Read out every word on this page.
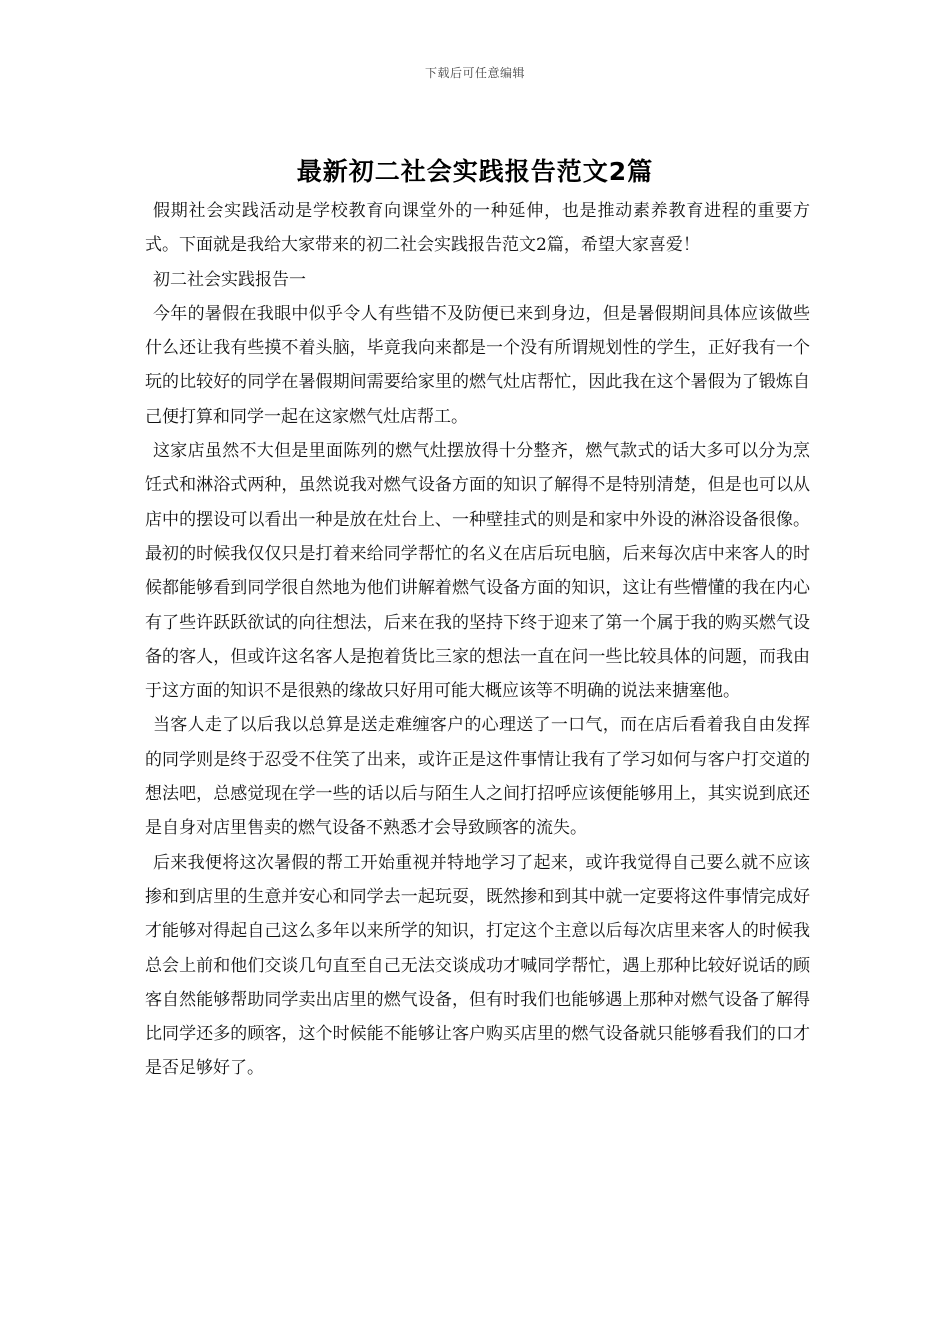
下载后可任意编辑
最新初二社会实践报告范文2篇

假期社会实践活动是学校教育向课堂外的一种延伸，也是推动素养教育进程的重要方式。下面就是我给大家带来的初二社会实践报告范文2篇，希望大家喜爱！

初二社会实践报告一

今年的暑假在我眼中似乎令人有些错不及防便已来到身边，但是暑假期间具体应该做些什么还让我有些摸不着头脑，毕竟我向来都是一个没有所谓规划性的学生，正好我有一个玩的比较好的同学在暑假期间需要给家里的燃气灶店帮忙，因此我在这个暑假为了锻炼自己便打算和同学一起在这家燃气灶店帮工。

这家店虽然不大但是里面陈列的燃气灶摆放得十分整齐，燃气款式的话大多可以分为烹饪式和淋浴式两种，虽然说我对燃气设备方面的知识了解得不是特别清楚，但是也可以从店中的摆设可以看出一种是放在灶台上、一种壁挂式的则是和家中外设的淋浴设备很像。最初的时候我仅仅只是打着来给同学帮忙的名义在店后玩电脑，后来每次店中来客人的时候都能够看到同学很自然地为他们讲解着燃气设备方面的知识，这让有些懵懂的我在内心有了些许跃跃欲试的向往想法，后来在我的坚持下终于迎来了第一个属于我的购买燃气设备的客人，但或许这名客人是抱着货比三家的想法一直在问一些比较具体的问题，而我由于这方面的知识不是很熟的缘故只好用可能大概应该等不明确的说法来搪塞他。

当客人走了以后我以总算是送走难缠客户的心理送了一口气，而在店后看着我自由发挥的同学则是终于忍受不住笑了出来，或许正是这件事情让我有了学习如何与客户打交道的想法吧，总感觉现在学一些的话以后与陌生人之间打招呼应该便能够用上，其实说到底还是自身对店里售卖的燃气设备不熟悉才会导致顾客的流失。

后来我便将这次暑假的帮工开始重视并特地学习了起来，或许我觉得自己要么就不应该掺和到店里的生意并安心和同学去一起玩耍，既然掺和到其中就一定要将这件事情完成好才能够对得起自己这么多年以来所学的知识，打定这个主意以后每次店里来客人的时候我总会上前和他们交谈几句直至自己无法交谈成功才喊同学帮忙，遇上那种比较好说话的顾客自然能够帮助同学卖出店里的燃气设备，但有时我们也能够遇上那种对燃气设备了解得比同学还多的顾客，这个时候能不能够让客户购买店里的燃气设备就只能够看我们的口才是否足够好了。
